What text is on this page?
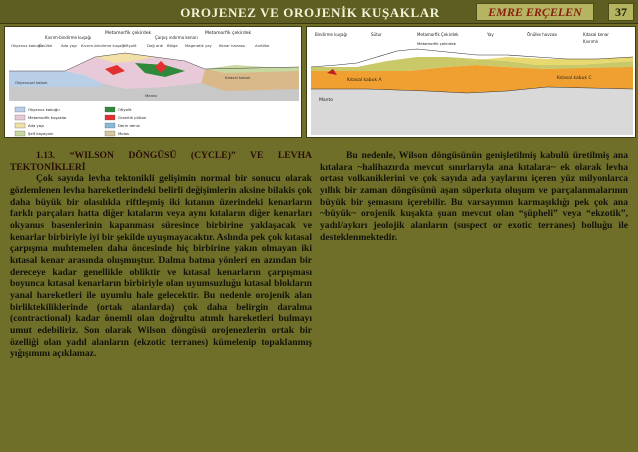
OROJENEZ VE OROJENİK KUŞAKLAR	EMRE ERÇELEN	37
Metamorfik çekirdek	Metamorfik çekirdek
Kıvrım-bindirme kuşağı	Çarpış ındırma kenarı
Okyanus kabuğu
Önülke Ada yayı Kıvrım-bindirme kuşağı
Ofiyolit	Dağ ardı Bölge Magmatik yay Kenar havzası	Ardülke
Kıtasal kabuk
Okyanusal kabuk
Manto
Okyanus kabuğu
Metamorfik kuşaklar
Ada yayı
Şelf kayaçları
Ofiyolit
Granitik plüton
Derin deniz
Molas
Bindirme kuşağı	Sütur	Metamorfik Çekirdek	Yay	Önülke havzası	Kıtasal kenar
Kıvrımlı
Kıtasal kabuk A	Kıtasal kabuk C
Manto
Metamorfik çekirdek

1.13. “WILSON DÖNGÜSÜ (CYCLE)” VE LEVHA TEKTONİKLERİ

Çok sayıda levha tektonikli gelişimin normal bir sonucu olarak gözlemlenen levha hareketlerindeki belirli değişimlerin aksine bilakis çok daha büyük bir olasılıkla riftleşmiş iki kıtanın üzerindeki kenarların farklı parçaları hatta diğer kıtaların veya aynı kıtaların diğer kenarları okyanus basenlerinin kapanması süresince birbirine yaklaşacak ve kenarlar birbiriyle iyi bir şekilde uyuşmayacaktır. Aslında pek çok kıtasal çarpışma muhtemelen daha öncesinde hiç birbirine yakın olmayan iki kıtasal kenar arasında oluşmuştur. Dalma batma yönleri en azından bir dereceye kadar genellikle obliktir ve kıtasal kenarların çarpışması boyunca kıtasal kenarların birbiriyle olan uyumsuzluğu kıtasal blokların yanal hareketleri ile uyumlu hale gelecektir. Bu nedenle orojenik alan birliktekiliklerinde (ortak alanlarda) çok daha belirgin daralma (contractional) kadar önemli olan doğrultu atımlı hareketleri bulmayı umut edebiliriz. Son olarak Wilson döngüsü orojenezlerin ortak bir özelliği olan yadıl alanların (ekzotic terranes) kümelenip topaklanmış yığışımını açıklamaz.

Bu nedenle, Wilson döngüsünün genişletilmiş kabulü üretilmiş ana kıtalara ~halihazırda mevcut sınırlarıyla ana kıtalara~ ek olarak levha ortası volkaniklerini ve çok sayıda ada yaylarını içeren yüz milyonlarca yıllık bir zaman döngüsünü aşan süperkıta oluşum ve parçalanmalarının büyük bir şemasını içerebilir. Bu varsayımın karmaşıklığı pek çok ana ~büyük~ orojenik kuşakta şuan mevcut olan “şüpheli” veya “ekzotik”, yadıl/aykırı jeolojik alanların (suspect or exotic terranes) bolluğu ile desteklenmektedir.
